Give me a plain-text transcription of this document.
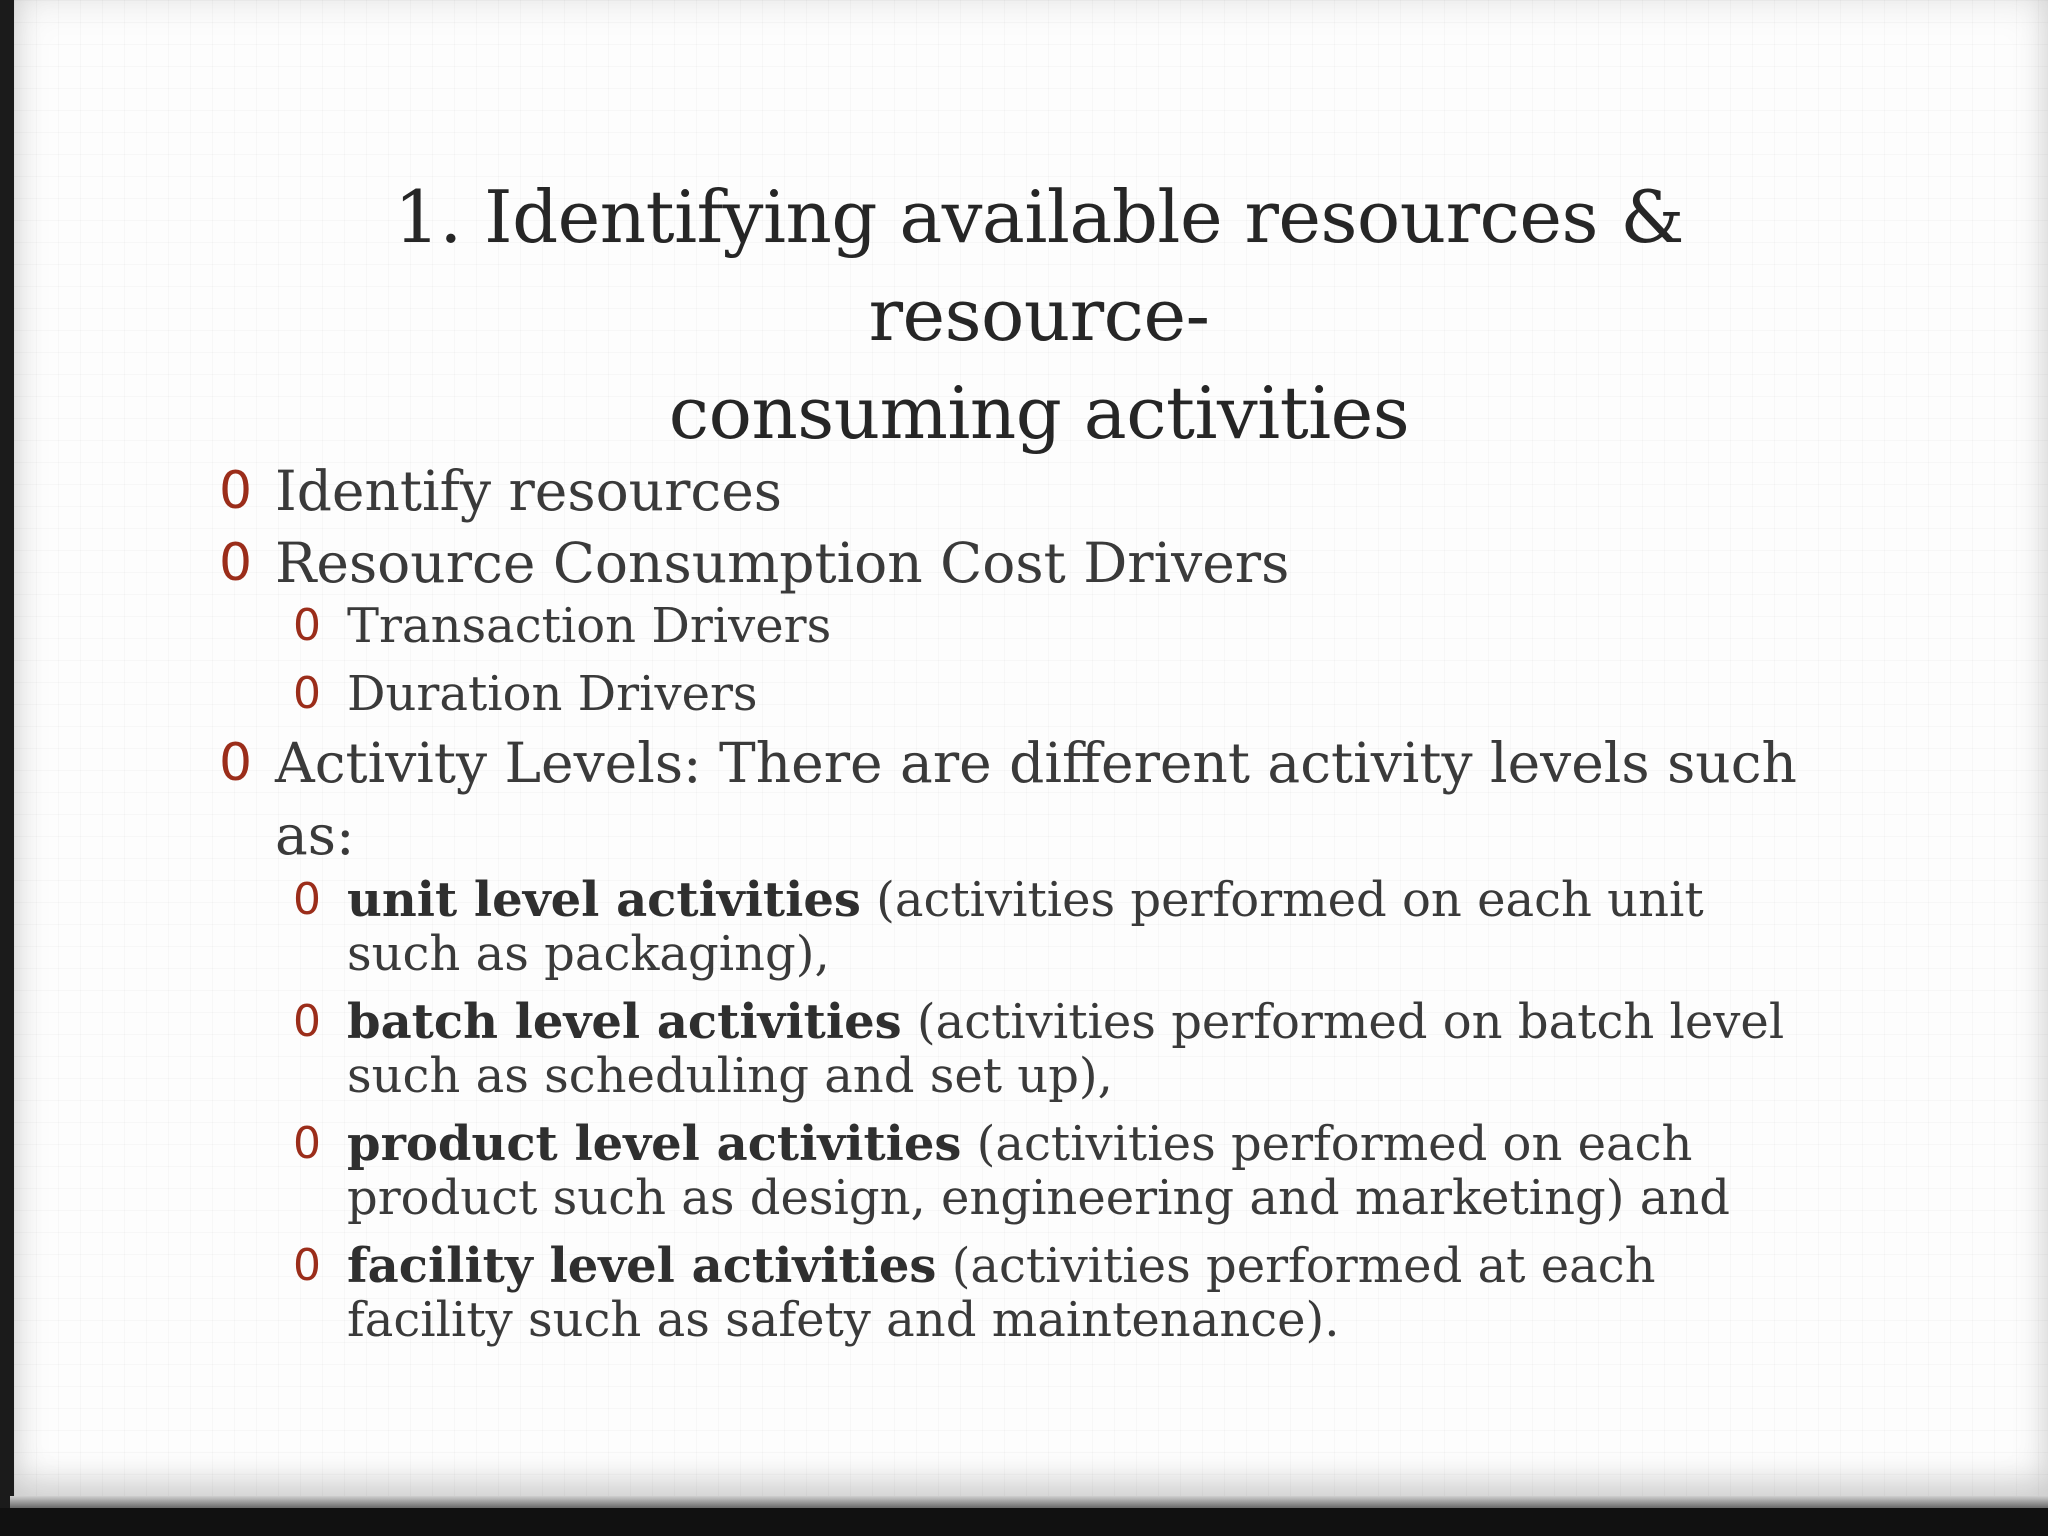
1. Identifying available resources & resource-
consuming activities
0 Identify resources
0 Resource Consumption Cost Drivers
0 Transaction Drivers
0 Duration Drivers
0 Activity Levels: There are different activity levels such as:
0 unit level activities (activities performed on each unit such as packaging),
0 batch level activities (activities performed on batch level such as scheduling and set up),
0 product level activities (activities performed on each product such as design, engineering and marketing) and
0 facility level activities (activities performed at each facility such as safety and maintenance).
